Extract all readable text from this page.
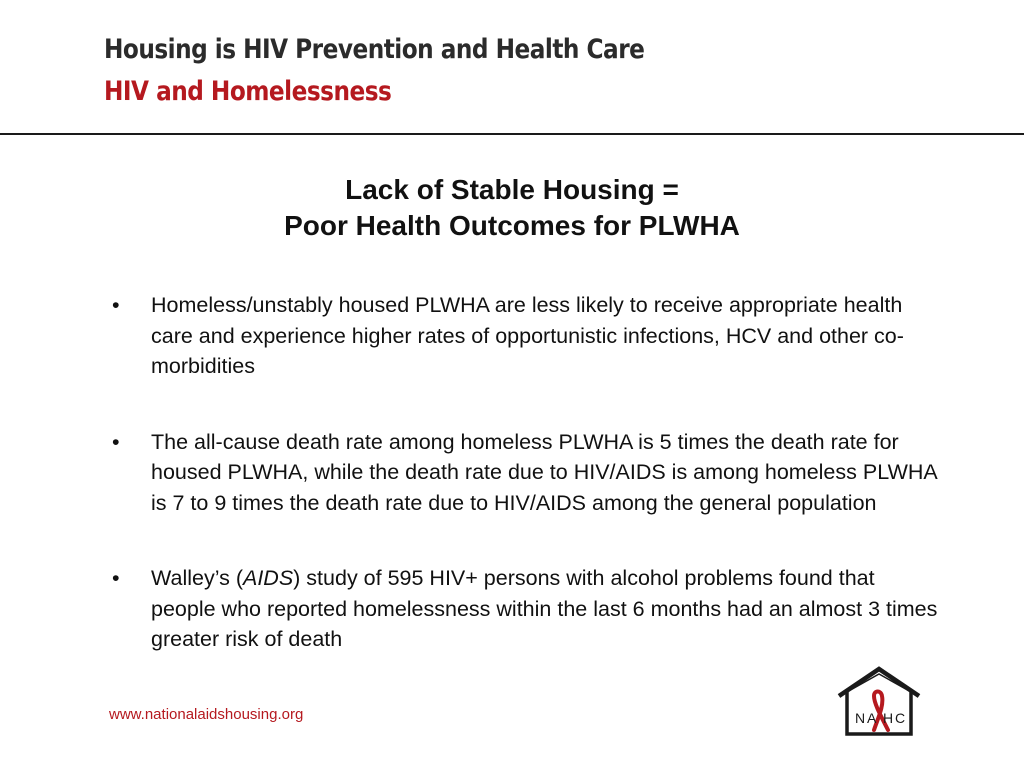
Housing is HIV Prevention and Health Care
HIV and Homelessness
Lack of Stable Housing =
Poor Health Outcomes for PLWHA
•	Homeless/unstably housed PLWHA are less likely to receive appropriate health care and experience higher rates of opportunistic infections, HCV and other co-morbidities
•	The all-cause death rate among homeless PLWHA is 5 times the death rate for housed PLWHA, while the death rate due to HIV/AIDS is among homeless PLWHA is 7 to 9 times the death rate due to HIV/AIDS among the general population
•	Walley’s (AIDS) study of 595 HIV+ persons with alcohol problems found that people who reported homelessness within the last 6 months had an almost 3 times greater risk of death
www.nationalaidshousing.org	N A H C
